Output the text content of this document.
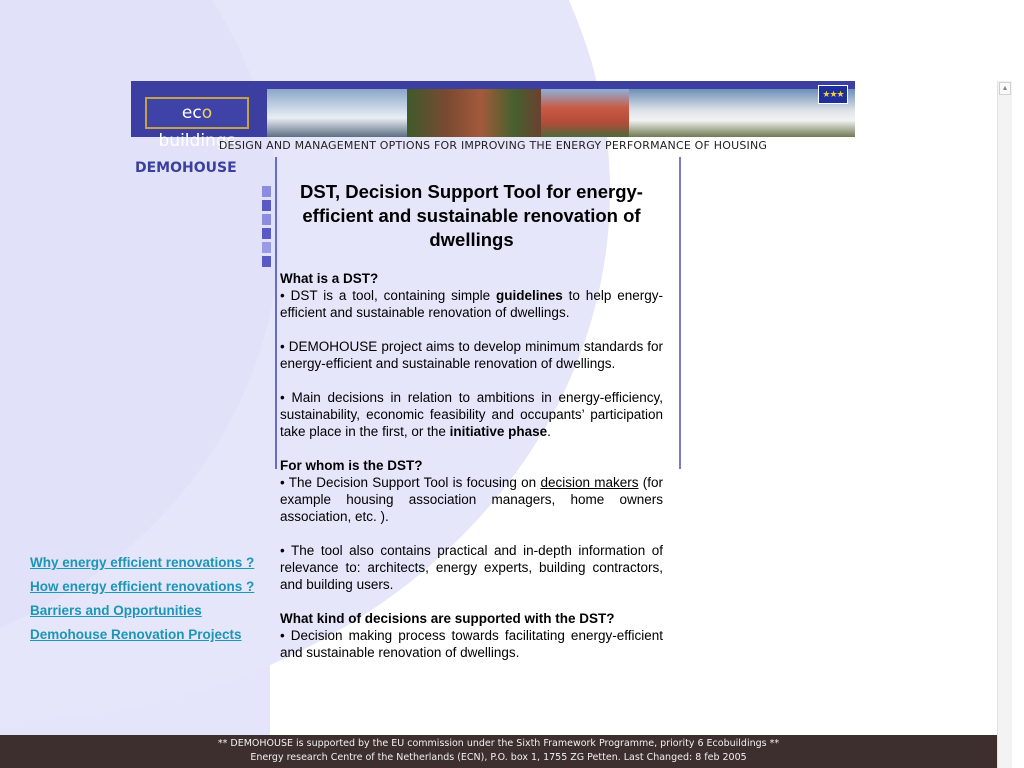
eco buildings
★★★
DESIGN AND MANAGEMENT OPTIONS FOR IMPROVING THE ENERGY PERFORMANCE OF HOUSING
DEMOHOUSE
DST, Decision Support Tool for energy-efficient and sustainable renovation of dwellings
What is a DST?

• DST is a tool, containing simple guidelines to help energy-efficient and sustainable renovation of dwellings.

• DEMOHOUSE project aims to develop minimum standards for energy-efficient and sustainable renovation of dwellings.

• Main decisions in relation to ambitions in energy-efficiency, sustainability, economic feasibility and occupants’ participation take place in the first, or the initiative phase.

For whom is the DST?

• The Decision Support Tool is focusing on decision makers (for example housing association managers, home owners association, etc. ).

• The tool also contains practical and in-depth information of relevance to: architects, energy experts, building contractors, and building users.

What kind of decisions are supported with the DST?

• Decision making process towards facilitating energy-efficient and sustainable renovation of dwellings.

Why energy efficient renovations ?
How energy efficient renovations ?
Barriers and Opportunities
Demohouse Renovation Projects
** DEMOHOUSE is supported by the EU commission under the Sixth Framework Programme, priority 6 Ecobuildings **
Energy research Centre of the Netherlands (ECN), P.O. box 1, 1755 ZG Petten. Last Changed: 8 feb 2005
▲
